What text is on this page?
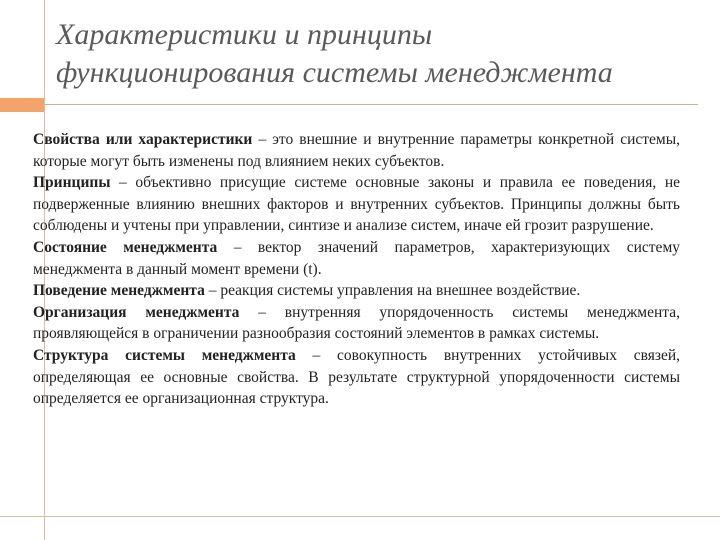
Характеристики и принципы
функционирования системы менеджмента

Свойства или характеристики – это внешние и внутренние параметры конкретной системы, которые могут быть изменены под влиянием неких субъектов.

Принципы – объективно присущие системе основные законы и правила ее поведения, не подверженные влиянию внешних факторов и внутренних субъектов. Принципы должны быть соблюдены и учтены при управлении, синтизе и анализе систем, иначе ей грозит разрушение.

Состояние менеджмента – вектор значений параметров, характеризующих систему менеджмента в данный момент времени (t).

Поведение менеджмента – реакция системы управления на внешнее воздействие.

Организация менеджмента – внутренняя упорядоченность системы менеджмента, проявляющейся в ограничении разнообразия состояний элементов в рамках системы.

Структура системы менеджмента – совокупность внутренних устойчивых связей, определяющая ее основные свойства. В результате структурной упорядоченности системы определяется ее организационная структура.
